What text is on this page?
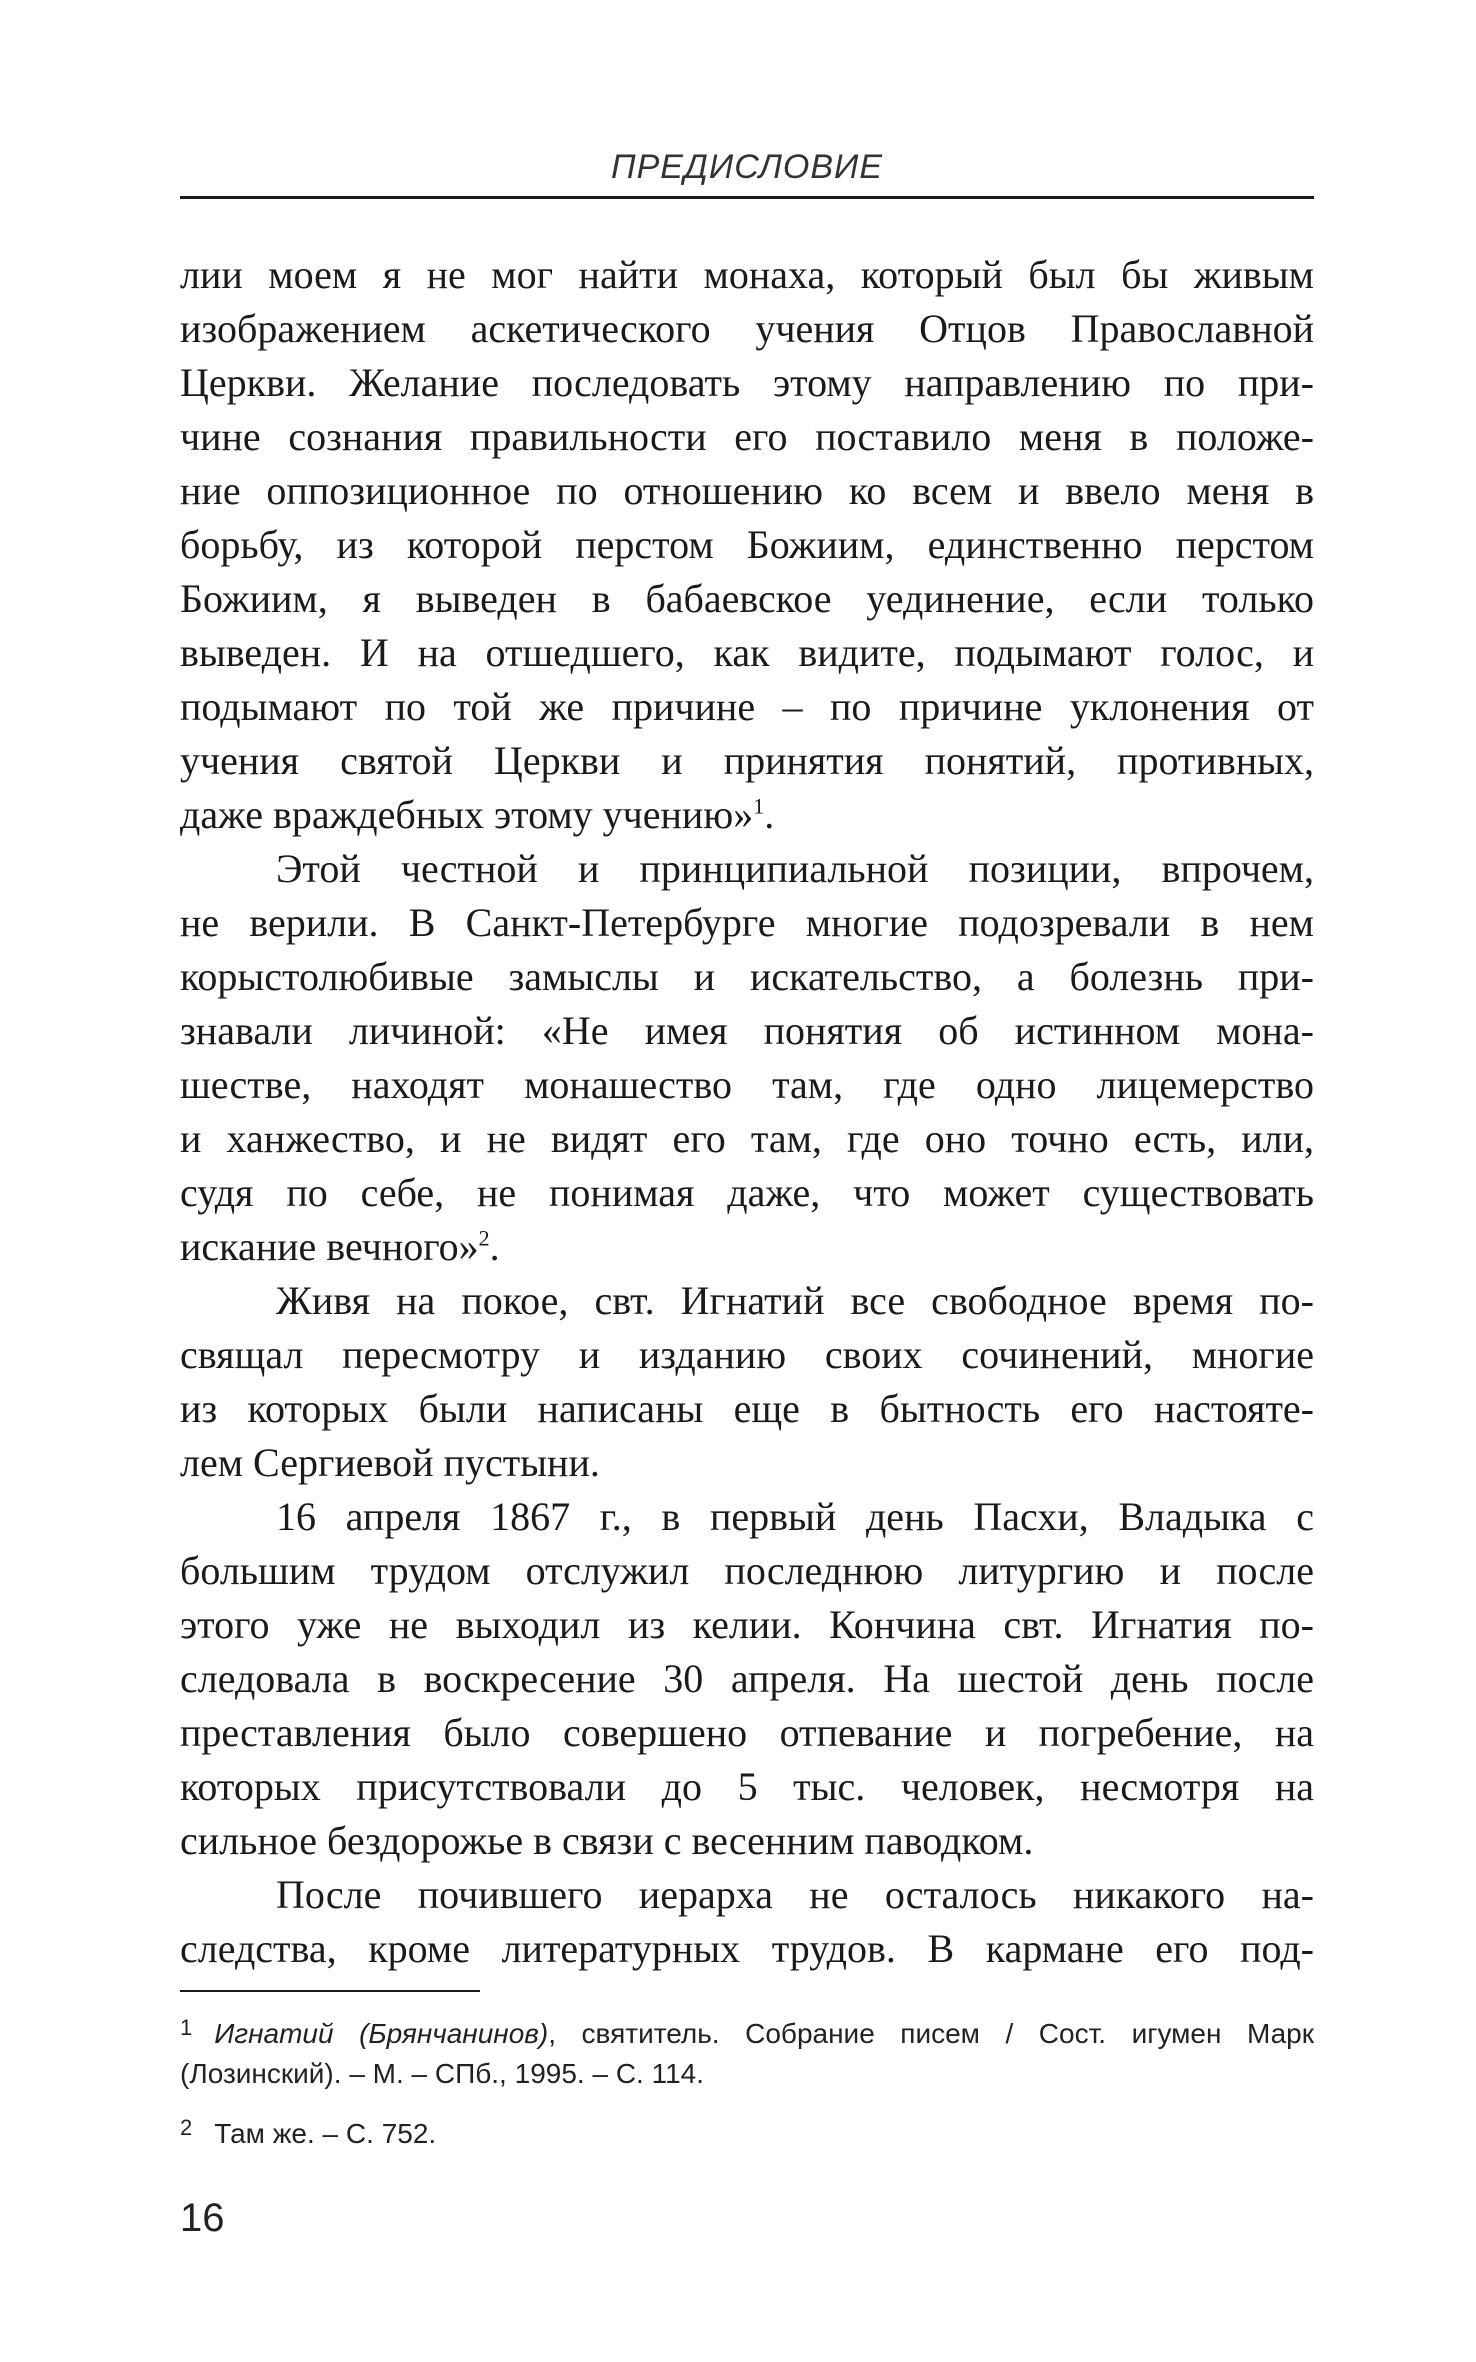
ПРЕДИСЛОВИЕ
лии моем я не мог найти монаха, который был бы живым
изображением аскетического учения Отцов Православной
Церкви. Желание последовать этому направлению по при-
чине сознания правильности его поставило меня в положе-
ние оппозиционное по отношению ко всем и ввело меня в
борьбу, из которой перстом Божиим, единственно перстом
Божиим, я выведен в бабаевское уединение, если только
выведен. И на отшедшего, как видите, подымают голос, и
подымают по той же причине – по причине уклонения от
учения святой Церкви и принятия понятий, противных,
даже враждебных этому учению»$^1$.
Этой честной и принципиальной позиции, впрочем,
не верили. В Санкт-Петербурге многие подозревали в нем
корыстолюбивые замыслы и искательство, а болезнь при-
знавали личиной: «Не имея понятия об истинном мона-
шестве, находят монашество там, где одно лицемерство
и ханжество, и не видят его там, где оно точно есть, или,
судя по себе, не понимая даже, что может существовать
искание вечного»$^2$.
Живя на покое, свт. Игнатий все свободное время по-
свящал пересмотру и изданию своих сочинений, многие
из которых были написаны еще в бытность его настояте-
лем Сергиевой пустыни.
16 апреля 1867 г., в первый день Пасхи, Владыка с
большим трудом отслужил последнюю литургию и после
этого уже не выходил из келии. Кончина свт. Игнатия по-
следовала в воскресение 30 апреля. На шестой день после
преставления было совершено отпевание и погребение, на
которых присутствовали до 5 тыс. человек, несмотря на
сильное бездорожье в связи с весенним паводком.
После почившего иерарха не осталось никакого на-
следства, кроме литературных трудов. В кармане его под-
$^1$ Игнатий (Брянчанинов), святитель. Собрание писем / Сост. игумен Марк (Лозинский). – М. – СПб., 1995. – С. 114.
$^2$ Там же. – С. 752.
16
